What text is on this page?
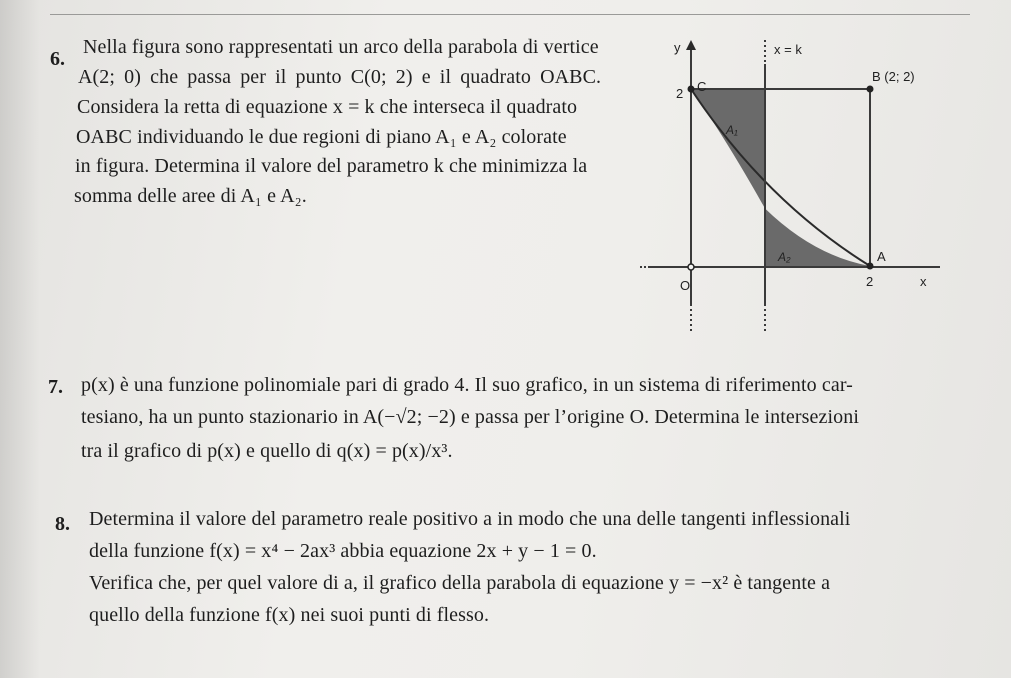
6.
Nella figura sono rappresentati un arco della parabola di vertice
A(2; 0) che passa per il punto C(0; 2) e il quadrato OABC.
Considera la retta di equazione x = k che interseca il quadrato
OABC individuando le due regioni di piano A₁ e A₂ colorate
in figura. Determina il valore del parametro k che minimizza la
somma delle aree di A₁ e A₂.
y
x
x = k
B (2; 2)
C
A
O
2
2
A₁
A₂
7. p(x) è una funzione polinomiale pari di grado 4. Il suo grafico, in un sistema di riferimento car-
tesiano, ha un punto stazionario in A(−√2; −2) e passa per l’origine O. Determina le intersezioni
tra il grafico di p(x) e quello di q(x) = p(x)/x³.
8. Determina il valore del parametro reale positivo a in modo che una delle tangenti inflessionali
della funzione f(x) = x⁴ − 2ax³ abbia equazione 2x + y − 1 = 0.
Verifica che, per quel valore di a, il grafico della parabola di equazione y = −x² è tangente a
quello della funzione f(x) nei suoi punti di flesso.
